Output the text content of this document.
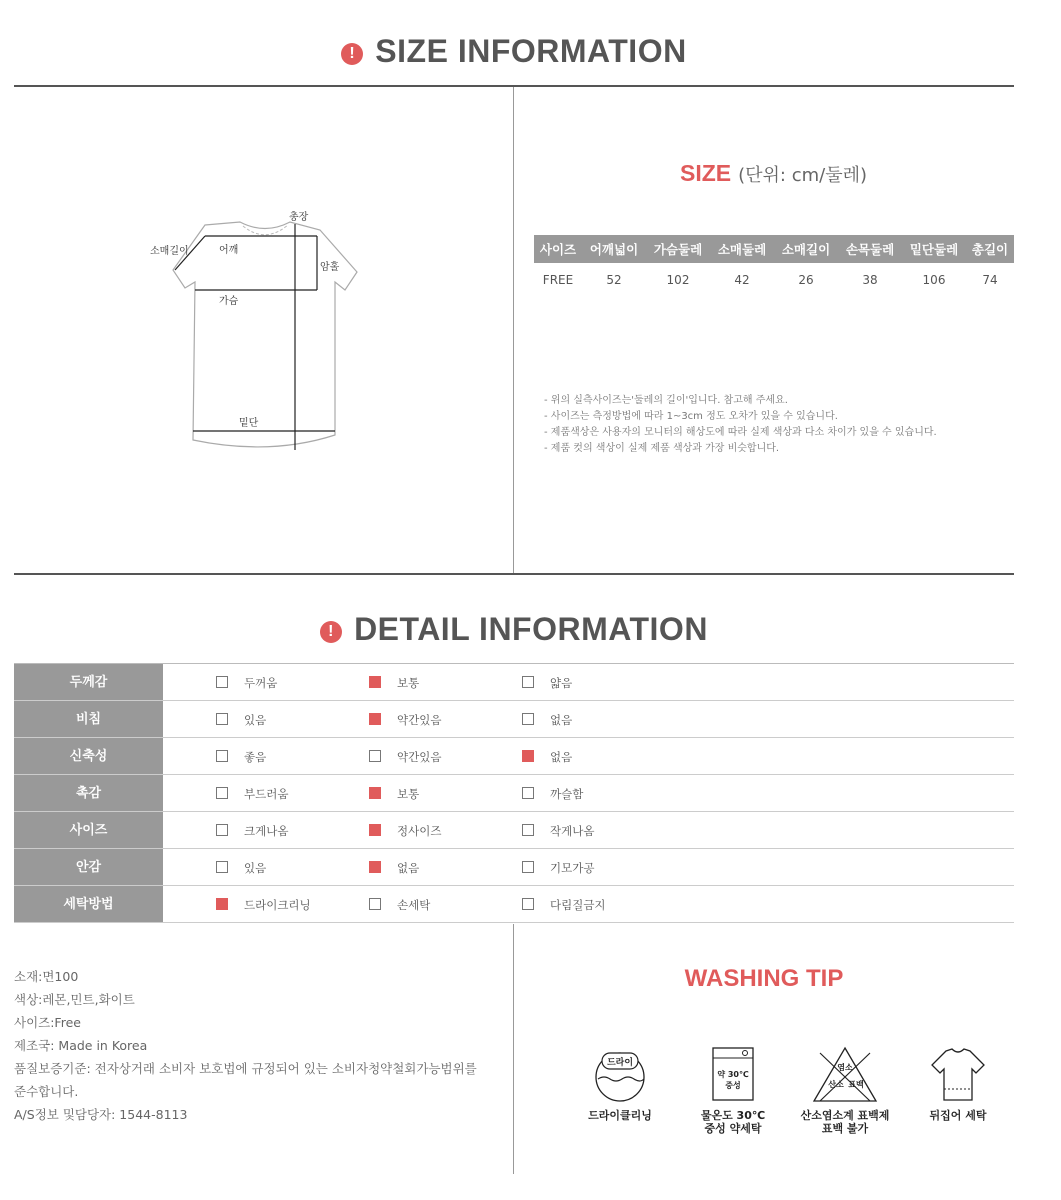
! SIZE INFORMATION
총장
소매길이	어깨
암홀
가슴
밑단
SIZE (단위: cm/둘레)
사이즈	어깨넓이	가슴둘레	소매둘레	소매길이	손목둘레	밑단둘레	총길이
FREE	52	102	42	26	38	106	74
- 위의 실측사이즈는'둘레의 길이'입니다. 참고해 주세요.
- 사이즈는 측정방법에 따라 1~3cm 정도 오차가 있을 수 있습니다.
- 제품색상은 사용자의 모니터의 해상도에 따라 실제 색상과 다소 차이가 있을 수 있습니다.
- 제품 컷의 색상이 실제 제품 색상과 가장 비슷합니다.
! DETAIL INFORMATION
두께감	두꺼움	보통	얇음
비침	있음	약간있음	없음
신축성	좋음	약간있음	없음
촉감	부드러움	보통	까슬함
사이즈	크게나옴	정사이즈	작게나옴
안감	있음	없음	기모가공
세탁방법	드라이크리닝	손세탁	다림질금지
소재:면100
색상:레몬,민트,화이트
사이즈:Free
제조국: Made in Korea
품질보증기준: 전자상거래 소비자 보호법에 규정되어 있는 소비자청약철회가능범위를
준수합니다.
A/S정보 및담당자: 1544-8113
WASHING TIP
드라이
드라이클리닝
약 30℃
중성
물온도 30℃
중성 약세탁
염소
산소 표백
산소염소계 표백제
표백 불가
뒤집어 세탁
